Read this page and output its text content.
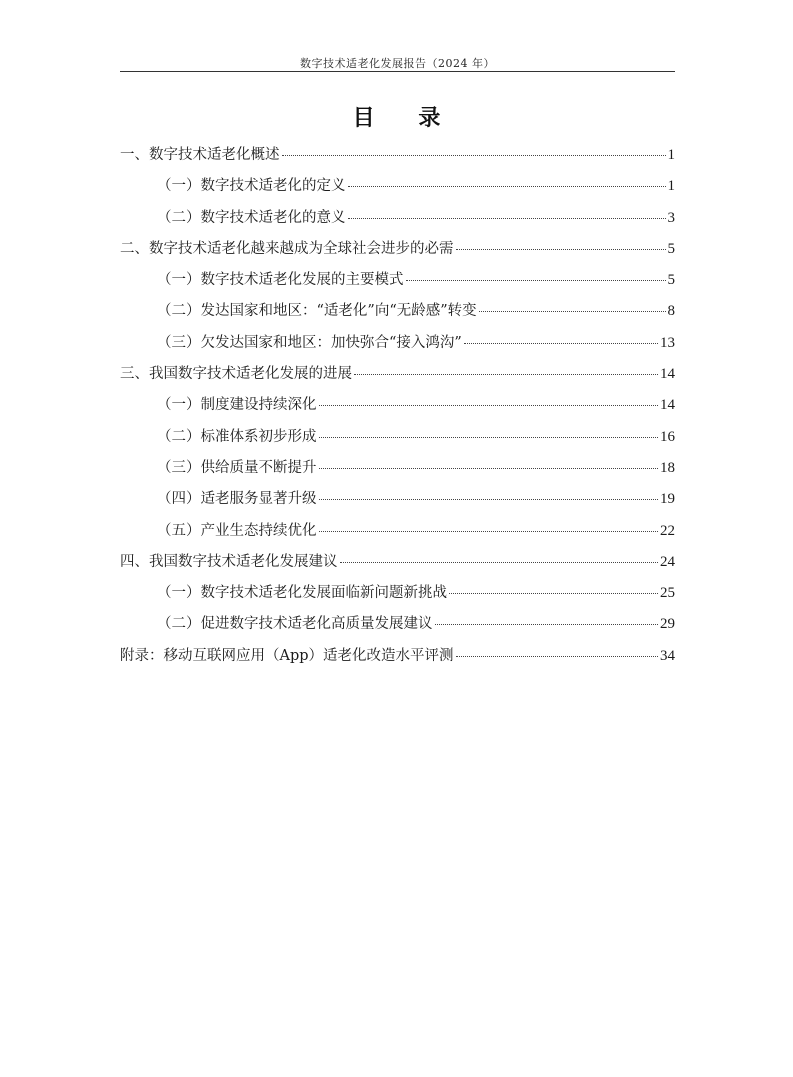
数字技术适老化发展报告（2024 年）
目 录
一、数字技术适老化概述	1
（一）数字技术适老化的定义	1
（二）数字技术适老化的意义	3
二、数字技术适老化越来越成为全球社会进步的必需	5
（一）数字技术适老化发展的主要模式	5
（二）发达国家和地区：“适老化”向“无龄感”转变	8
（三）欠发达国家和地区：加快弥合“接入鸿沟”	13
三、我国数字技术适老化发展的进展	14
（一）制度建设持续深化	14
（二）标准体系初步形成	16
（三）供给质量不断提升	18
（四）适老服务显著升级	19
（五）产业生态持续优化	22
四、我国数字技术适老化发展建议	24
（一）数字技术适老化发展面临新问题新挑战	25
（二）促进数字技术适老化高质量发展建议	29
附录：移动互联网应用（App）适老化改造水平评测	34
